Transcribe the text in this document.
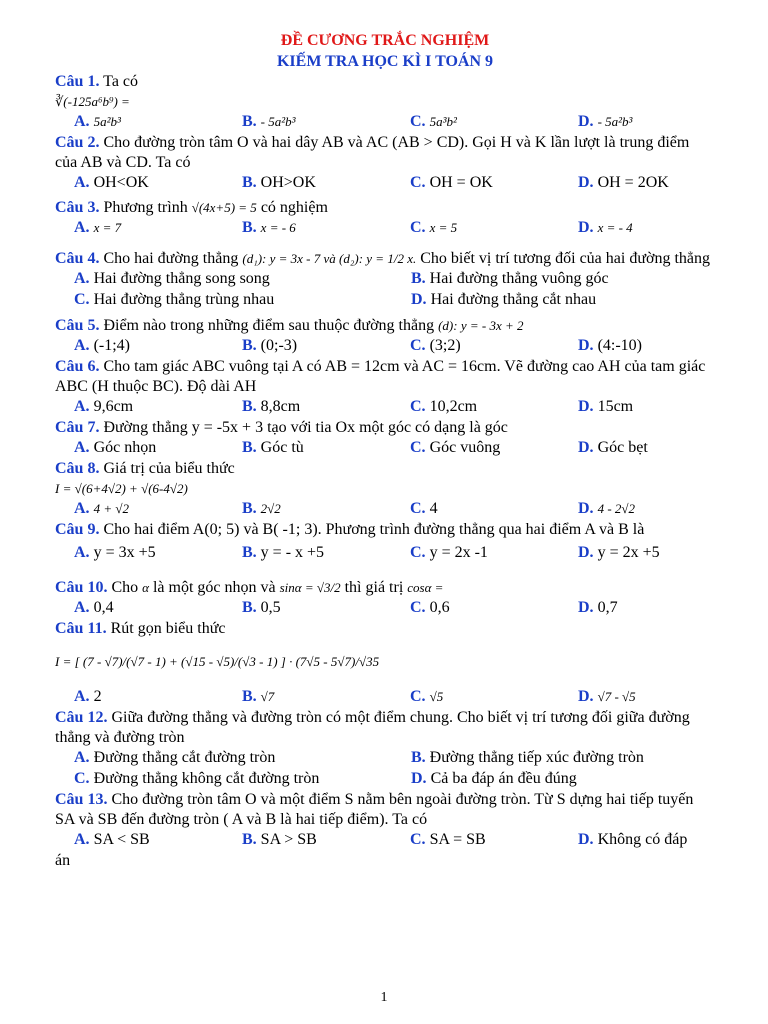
ĐỀ CƯƠNG TRẮC NGHIỆM
KIẾM TRA HỌC KÌ I TOÁN 9
Câu 1. Ta có
∛(-125a⁶b⁹) =
A. 5a²b³	B. - 5a²b³	C. 5a³b²	D. - 5a²b³
Câu 2. Cho đường tròn tâm O và hai dây AB và AC (AB > CD). Gọi H và K lần lượt là trung điểm của AB và CD. Ta có
A. OH<OK	B. OH>OK	C. OH = OK	D. OH = 2OK
Câu 3. Phương trình √(4x+5) = 5 có nghiệm
A. x = 7	B. x = - 6	C. x = 5	D. x = - 4
Câu 4. Cho hai đường thẳng (d₁): y = 3x - 7 và (d₂): y = 1/2 x. Cho biết vị trí tương đối của hai đường thẳng
A. Hai đường thẳng song song	B. Hai đường thẳng vuông góc
C. Hai đường thẳng trùng nhau	D. Hai đường thẳng cắt nhau
Câu 5. Điểm nào trong những điểm sau thuộc đường thẳng (d): y = - 3x + 2
A. (-1;4)	B. (0;-3)	C. (3;2)	D. (4:-10)
Câu 6. Cho tam giác ABC vuông tại A có AB = 12cm và AC = 16cm. Vẽ đường cao AH của tam giác ABC (H thuộc BC). Độ dài AH
A. 9,6cm	B. 8,8cm	C. 10,2cm	D. 15cm
Câu 7. Đường thẳng y = -5x + 3 tạo với tia Ox một góc có dạng là góc
A. Góc nhọn	B. Góc tù	C. Góc vuông	D. Góc bẹt
Câu 8. Giá trị của biểu thức
I = √(6+4√2) + √(6-4√2)
A. 4 + √2	B. 2√2	C. 4	D. 4 - 2√2
Câu 9. Cho hai điểm A(0; 5) và B( -1; 3). Phương trình đường thẳng qua hai điểm A và B là
A. y = 3x +5	B. y = - x +5	C. y = 2x -1	D. y = 2x +5
Câu 10. Cho α là một góc nhọn và sinα = √3/2 thì giá trị cosα =
A. 0,4	B. 0,5	C. 0,6	D. 0,7
Câu 11. Rút gọn biểu thức
I = [ (7 - √7)/(√7 - 1) + (√15 - √5)/(√3 - 1) ] · (7√5 - 5√7)/√35
A. 2	B. √7	C. √5	D. √7 - √5
Câu 12. Giữa đường thẳng và đường tròn có một điểm chung. Cho biết vị trí tương đối giữa đường thẳng và đường tròn
A. Đường thẳng cắt đường tròn	B. Đường thẳng tiếp xúc đường tròn
C. Đường thẳng không cắt đường tròn	D. Cả ba đáp án đều đúng
Câu 13. Cho đường tròn tâm O và một điểm S nằm bên ngoài đường tròn. Từ S dựng hai tiếp tuyến SA và SB đến đường tròn ( A và B là hai tiếp điểm). Ta có
A. SA < SB	B. SA > SB	C. SA = SB	D. Không có đáp
án
1
